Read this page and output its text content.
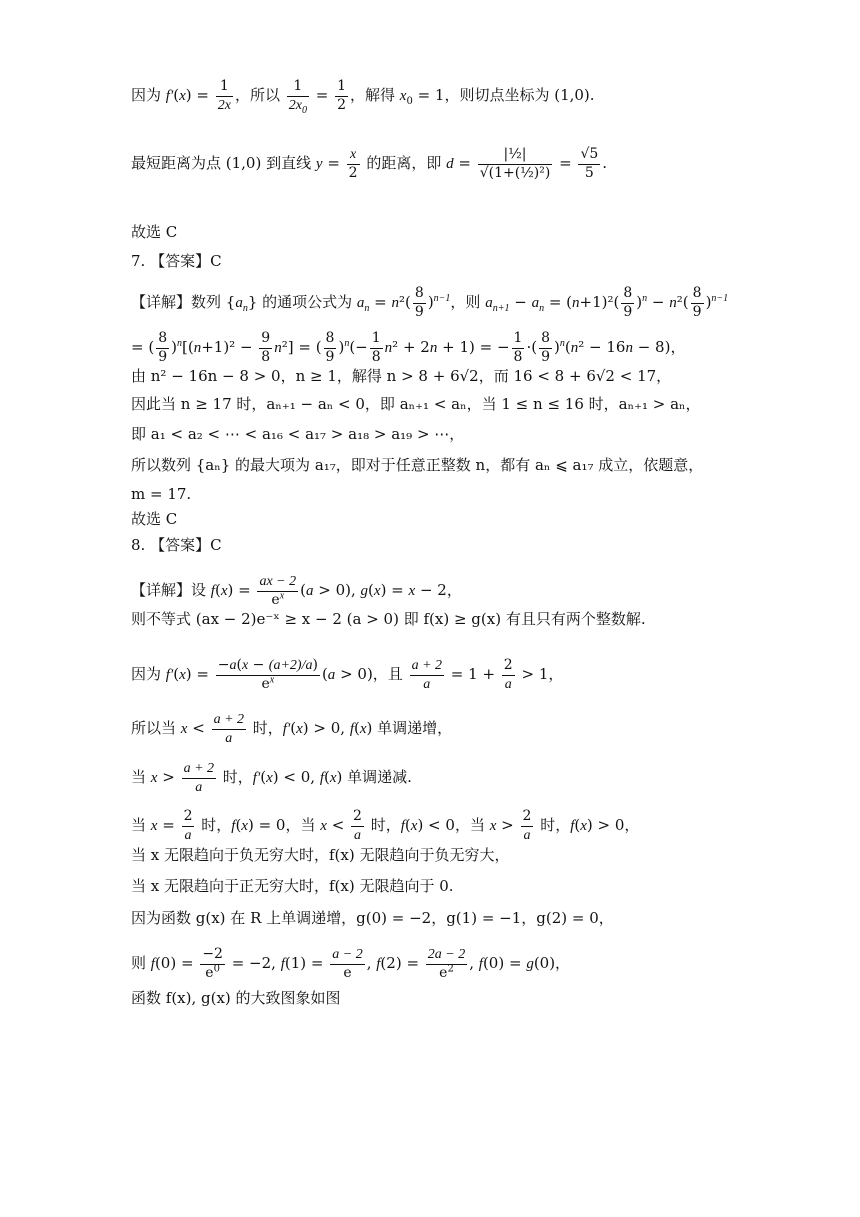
因为 $f'(x) = \frac{1}{2x}$ ，所以 $\frac{1}{2x_0} = \frac{1}{2}$ ，解得 $x_0 = 1$，则切点坐标为 (1,0).
最短距离为点 (1,0) 到直线 $y = \frac{x}{2}$ 的距离，即 $d = \frac{\text{|½|}}{\text{√(1+(½)²)}} = \frac{√5}{5}$ .
故选 C
7. 【答案】C
【详解】数列 $\{a_n\}$ 的通项公式为 $a_n = n^2( \frac{8}{9} )^{n-1}$，则 $a_{n+1} - a_n = (n+1)^2( \frac{8}{9} )^n - n^2( \frac{8}{9} )^{n-1}$
= ( $\frac{8}{9} )^n[(n+1)^2 - \frac{9}{8} n^2]$ = ( $\frac{8}{9} )^n(- \frac{1}{8} n^2 + 2n + 1)$ = − $\frac{1}{8}$ ·( $\frac{8}{9} )^n(n^2 - 16n - 8)$，
由 n² − 16n − 8 > 0，n ≥ 1，解得 n > 8 + 6√2，而 16 < 8 + 6√2 < 17，
因此当 n ≥ 17 时，aₙ₊₁ − aₙ < 0，即 aₙ₊₁ < aₙ，当 1 ≤ n ≤ 16 时，aₙ₊₁ > aₙ，
即 a₁ < a₂ < ⋯ < a₁₆ < a₁₇ > a₁₈ > a₁₉ > ⋯，
所以数列 {aₙ} 的最大项为 a₁₇，即对于任意正整数 n，都有 aₙ ⩽ a₁₇ 成立，依题意，
m = 17.
故选 C
8. 【答案】C
【详解】设 $f(x) = \frac{ax - 2}{e^x} (a > 0)$, g(x) = x − 2，
则不等式 (ax − 2)e⁻ˣ ≥ x − 2 (a > 0) 即 f(x) ≥ g(x) 有且只有两个整数解.
因为 $f'(x) = \frac{-a(x - (a+2)/a)}{e^x} (a > 0)$，且 $\frac{a + 2}{a} = 1 + \frac{2}{a} > 1$，
所以当 $x < \frac{a + 2}{a}$ 时，f′(x) > 0, f(x) 单调递增，
当 $x > \frac{a + 2}{a}$ 时，f′(x) < 0, f(x) 单调递减.
当 $x = \frac{2}{a}$ 时，f(x) = 0，当 $x < \frac{2}{a}$ 时，f(x) < 0，当 $x > \frac{2}{a}$ 时，f(x) > 0，
当 x 无限趋向于负无穷大时，f(x) 无限趋向于负无穷大，
当 x 无限趋向于正无穷大时，f(x) 无限趋向于 0.
因为函数 g(x) 在 R 上单调递增，g(0) = −2，g(1) = −1，g(2) = 0，
则 $f(0) = \frac{-2}{e^0} = -2$, $f(1) = \frac{a - 2}{e}$ , $f(2) = \frac{2a - 2}{e^2}$ , f(0) = g(0)，
函数 f(x), g(x) 的大致图象如图
